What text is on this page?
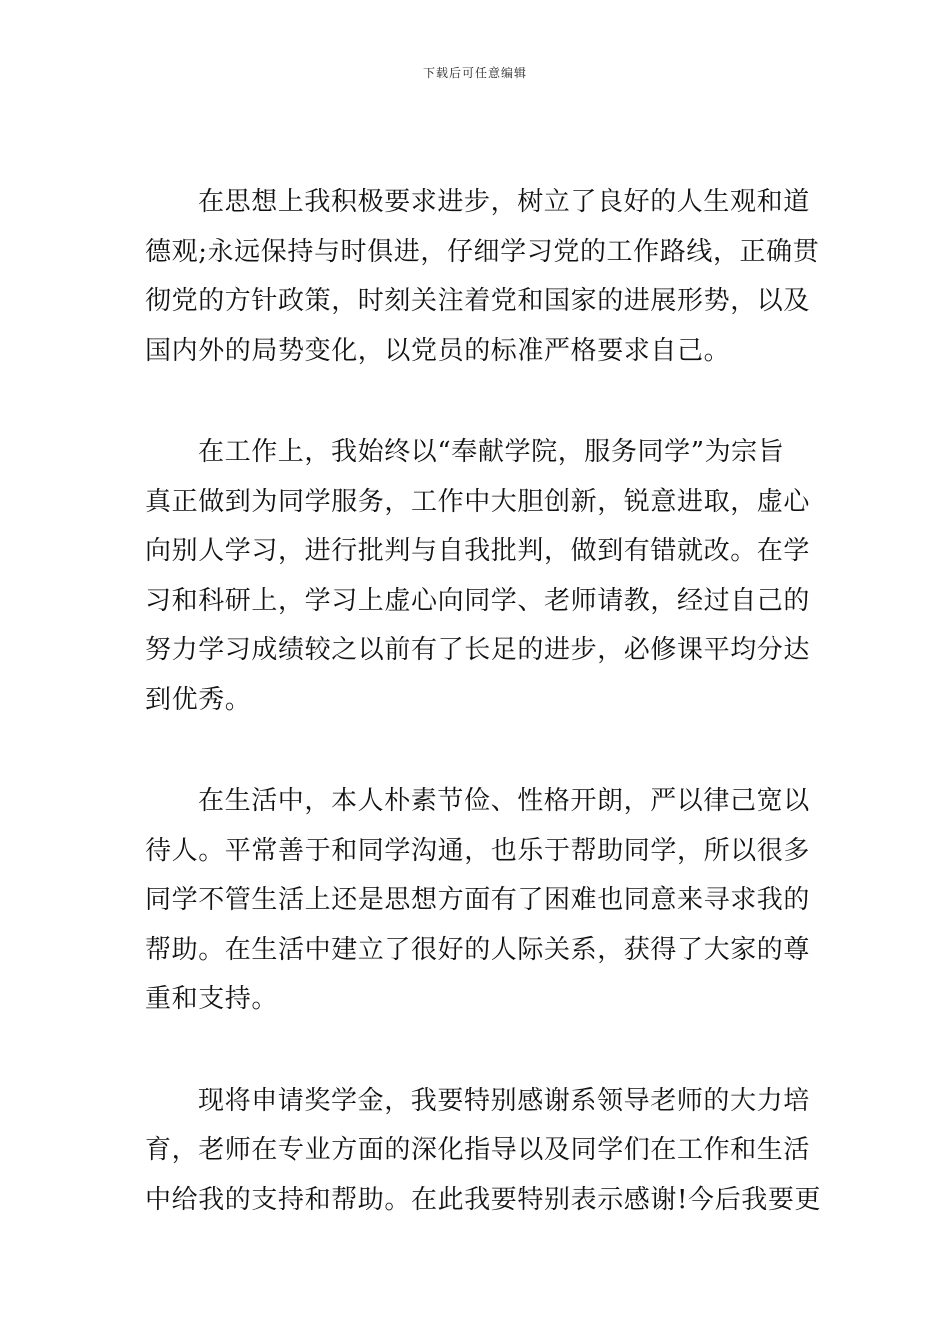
下载后可任意编辑

在思想上我积极要求进步，树立了良好的人生观和道
德观;永远保持与时俱进，仔细学习党的工作路线，正确贯
彻党的方针政策，时刻关注着党和国家的进展形势，以及
国内外的局势变化，以党员的标准严格要求自己。

在工作上，我始终以“奉献学院，服务同学”为宗旨
真正做到为同学服务，工作中大胆创新，锐意进取，虚心
向别人学习，进行批判与自我批判，做到有错就改。在学
习和科研上，学习上虚心向同学、老师请教，经过自己的
努力学习成绩较之以前有了长足的进步，必修课平均分达
到优秀。

在生活中，本人朴素节俭、性格开朗，严以律己宽以
待人。平常善于和同学沟通，也乐于帮助同学，所以很多
同学不管生活上还是思想方面有了困难也同意来寻求我的
帮助。在生活中建立了很好的人际关系，获得了大家的尊
重和支持。

现将申请奖学金，我要特别感谢系领导老师的大力培
育，老师在专业方面的深化指导以及同学们在工作和生活
中给我的支持和帮助。在此我要特别表示感谢!今后我要更
